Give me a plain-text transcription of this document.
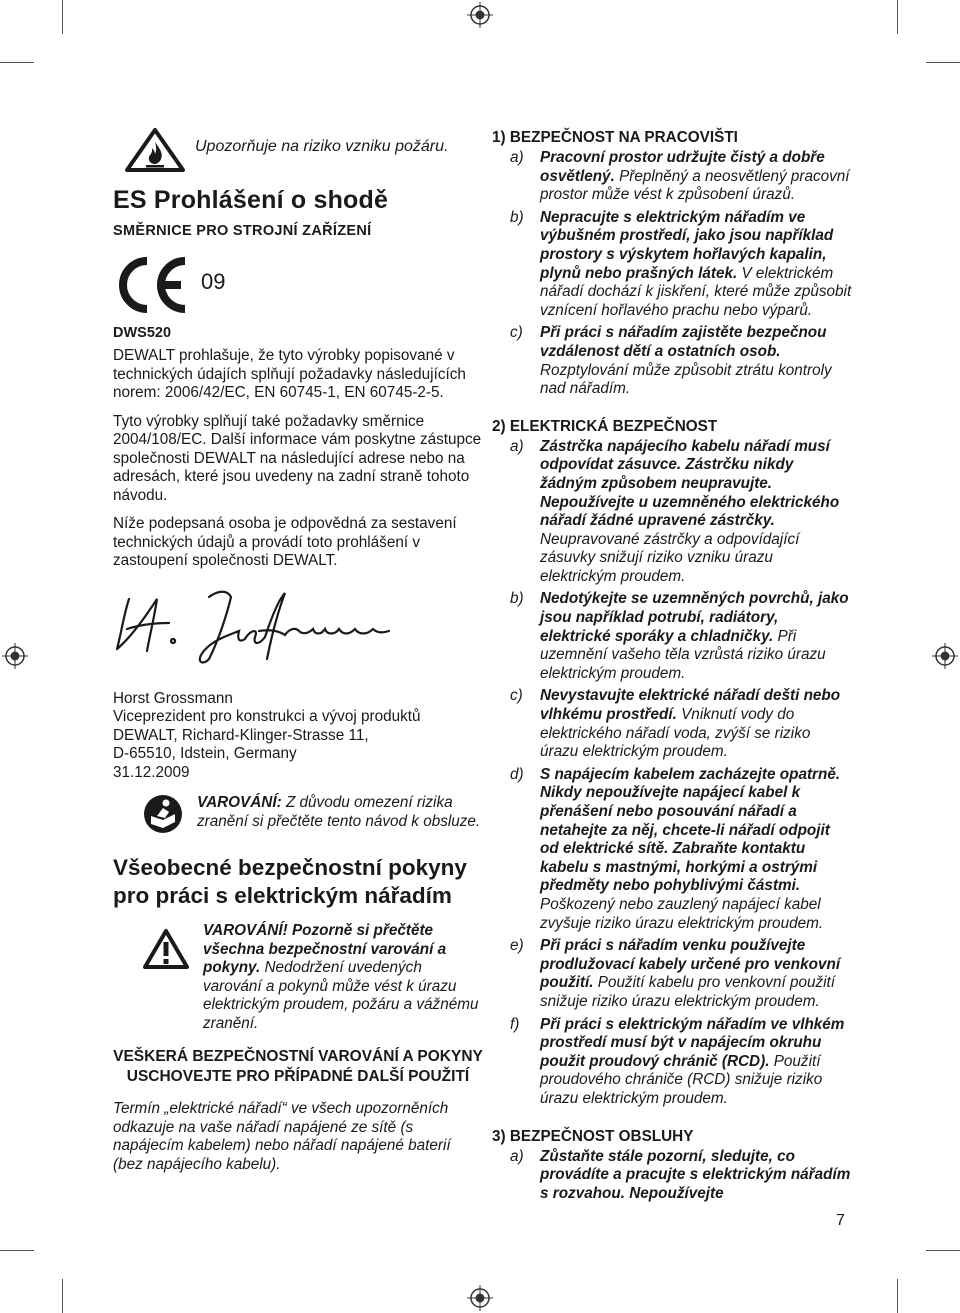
Upozorňuje na riziko vzniku požáru.
ES Prohlášení o shodě
SMĚRNICE PRO STROJNÍ ZAŘÍZENÍ
09
DWS520

DEWALT prohlašuje, že tyto výrobky popisované v technických údajích splňují požadavky následujících norem: 2006/42/EC, EN 60745-1, EN 60745-2-5.

Tyto výrobky splňují také požadavky směrnice 2004/108/EC. Další informace vám poskytne zástupce společnosti DEWALT na následující adrese nebo na adresách, které jsou uvedeny na zadní straně tohoto návodu.

Níže podepsaná osoba je odpovědná za sestavení technických údajů a provádí toto prohlášení v zastoupení společnosti DEWALT.

Horst Grossmann

Viceprezident pro konstrukci a vývoj produktů

DEWALT, Richard-Klinger-Strasse 11,

D-65510, Idstein, Germany

31.12.2009

VAROVÁNÍ: Z důvodu omezení rizika zranění si přečtěte tento návod k obsluze.

Všeobecné bezpečnostní pokyny pro práci s elektrickým nářadím

VAROVÁNÍ! Pozorně si přečtěte všechna bezpečnostní varování a pokyny. Nedodržení uvedených varování a pokynů může vést k úrazu elektrickým proudem, požáru a vážnému zranění.

VEŠKERÁ BEZPEČNOSTNÍ VAROVÁNÍ A POKYNY USCHOVEJTE PRO PŘÍPADNÉ DALŠÍ POUŽITÍ

Termín „elektrické nářadí“ ve všech upozorněních odkazuje na vaše nářadí napájené ze sítě (s napájecím kabelem) nebo nářadí napájené baterií (bez napájecího kabelu).

1) BEZPEČNOST NA PRACOVIŠTI
a)	Pracovní prostor udržujte čistý a dobře osvětlený. Přeplněný a neosvětlený pracovní prostor může vést k způsobení úrazů.
b)	Nepracujte s elektrickým nářadím ve výbušném prostředí, jako jsou například prostory s výskytem hořlavých kapalin, plynů nebo prašných látek. V elektrickém nářadí dochází k jiskření, které může způsobit vznícení hořlavého prachu nebo výparů.
c)	Při práci s nářadím zajistěte bezpečnou vzdálenost dětí a ostatních osob. Rozptylování může způsobit ztrátu kontroly nad nářadím.
2) ELEKTRICKÁ BEZPEČNOST
a)	Zástrčka napájecího kabelu nářadí musí odpovídat zásuvce. Zástrčku nikdy žádným způsobem neupravujte. Nepoužívejte u uzemněného elektrického nářadí žádné upravené zástrčky. Neupravované zástrčky a odpovídající zásuvky snižují riziko vzniku úrazu elektrickým proudem.
b)	Nedotýkejte se uzemněných povrchů, jako jsou například potrubí, radiátory, elektrické sporáky a chladničky. Při uzemnění vašeho těla vzrůstá riziko úrazu elektrickým proudem.
c)	Nevystavujte elektrické nářadí dešti nebo vlhkému prostředí. Vniknutí vody do elektrického nářadí voda, zvýší se riziko úrazu elektrickým proudem.
d)	S napájecím kabelem zacházejte opatrně. Nikdy nepoužívejte napájecí kabel k přenášení nebo posouvání nářadí a netahejte za něj, chcete-li nářadí odpojit od elektrické sítě. Zabraňte kontaktu kabelu s mastnými, horkými a ostrými předměty nebo pohyblivými částmi. Poškozený nebo zauzlený napájecí kabel zvyšuje riziko úrazu elektrickým proudem.
e)	Při práci s nářadím venku používejte prodlužovací kabely určené pro venkovní použití. Použití kabelu pro venkovní použití snižuje riziko úrazu elektrickým proudem.
f)	Při práci s elektrickým nářadím ve vlhkém prostředí musí být v napájecím okruhu použit proudový chránič (RCD). Použití proudového chrániče (RCD) snižuje riziko úrazu elektrickým proudem.
3) BEZPEČNOST OBSLUHY
a)	Zůstaňte stále pozorní, sledujte, co provádíte a pracujte s elektrickým nářadím s rozvahou. Nepoužívejte
7
